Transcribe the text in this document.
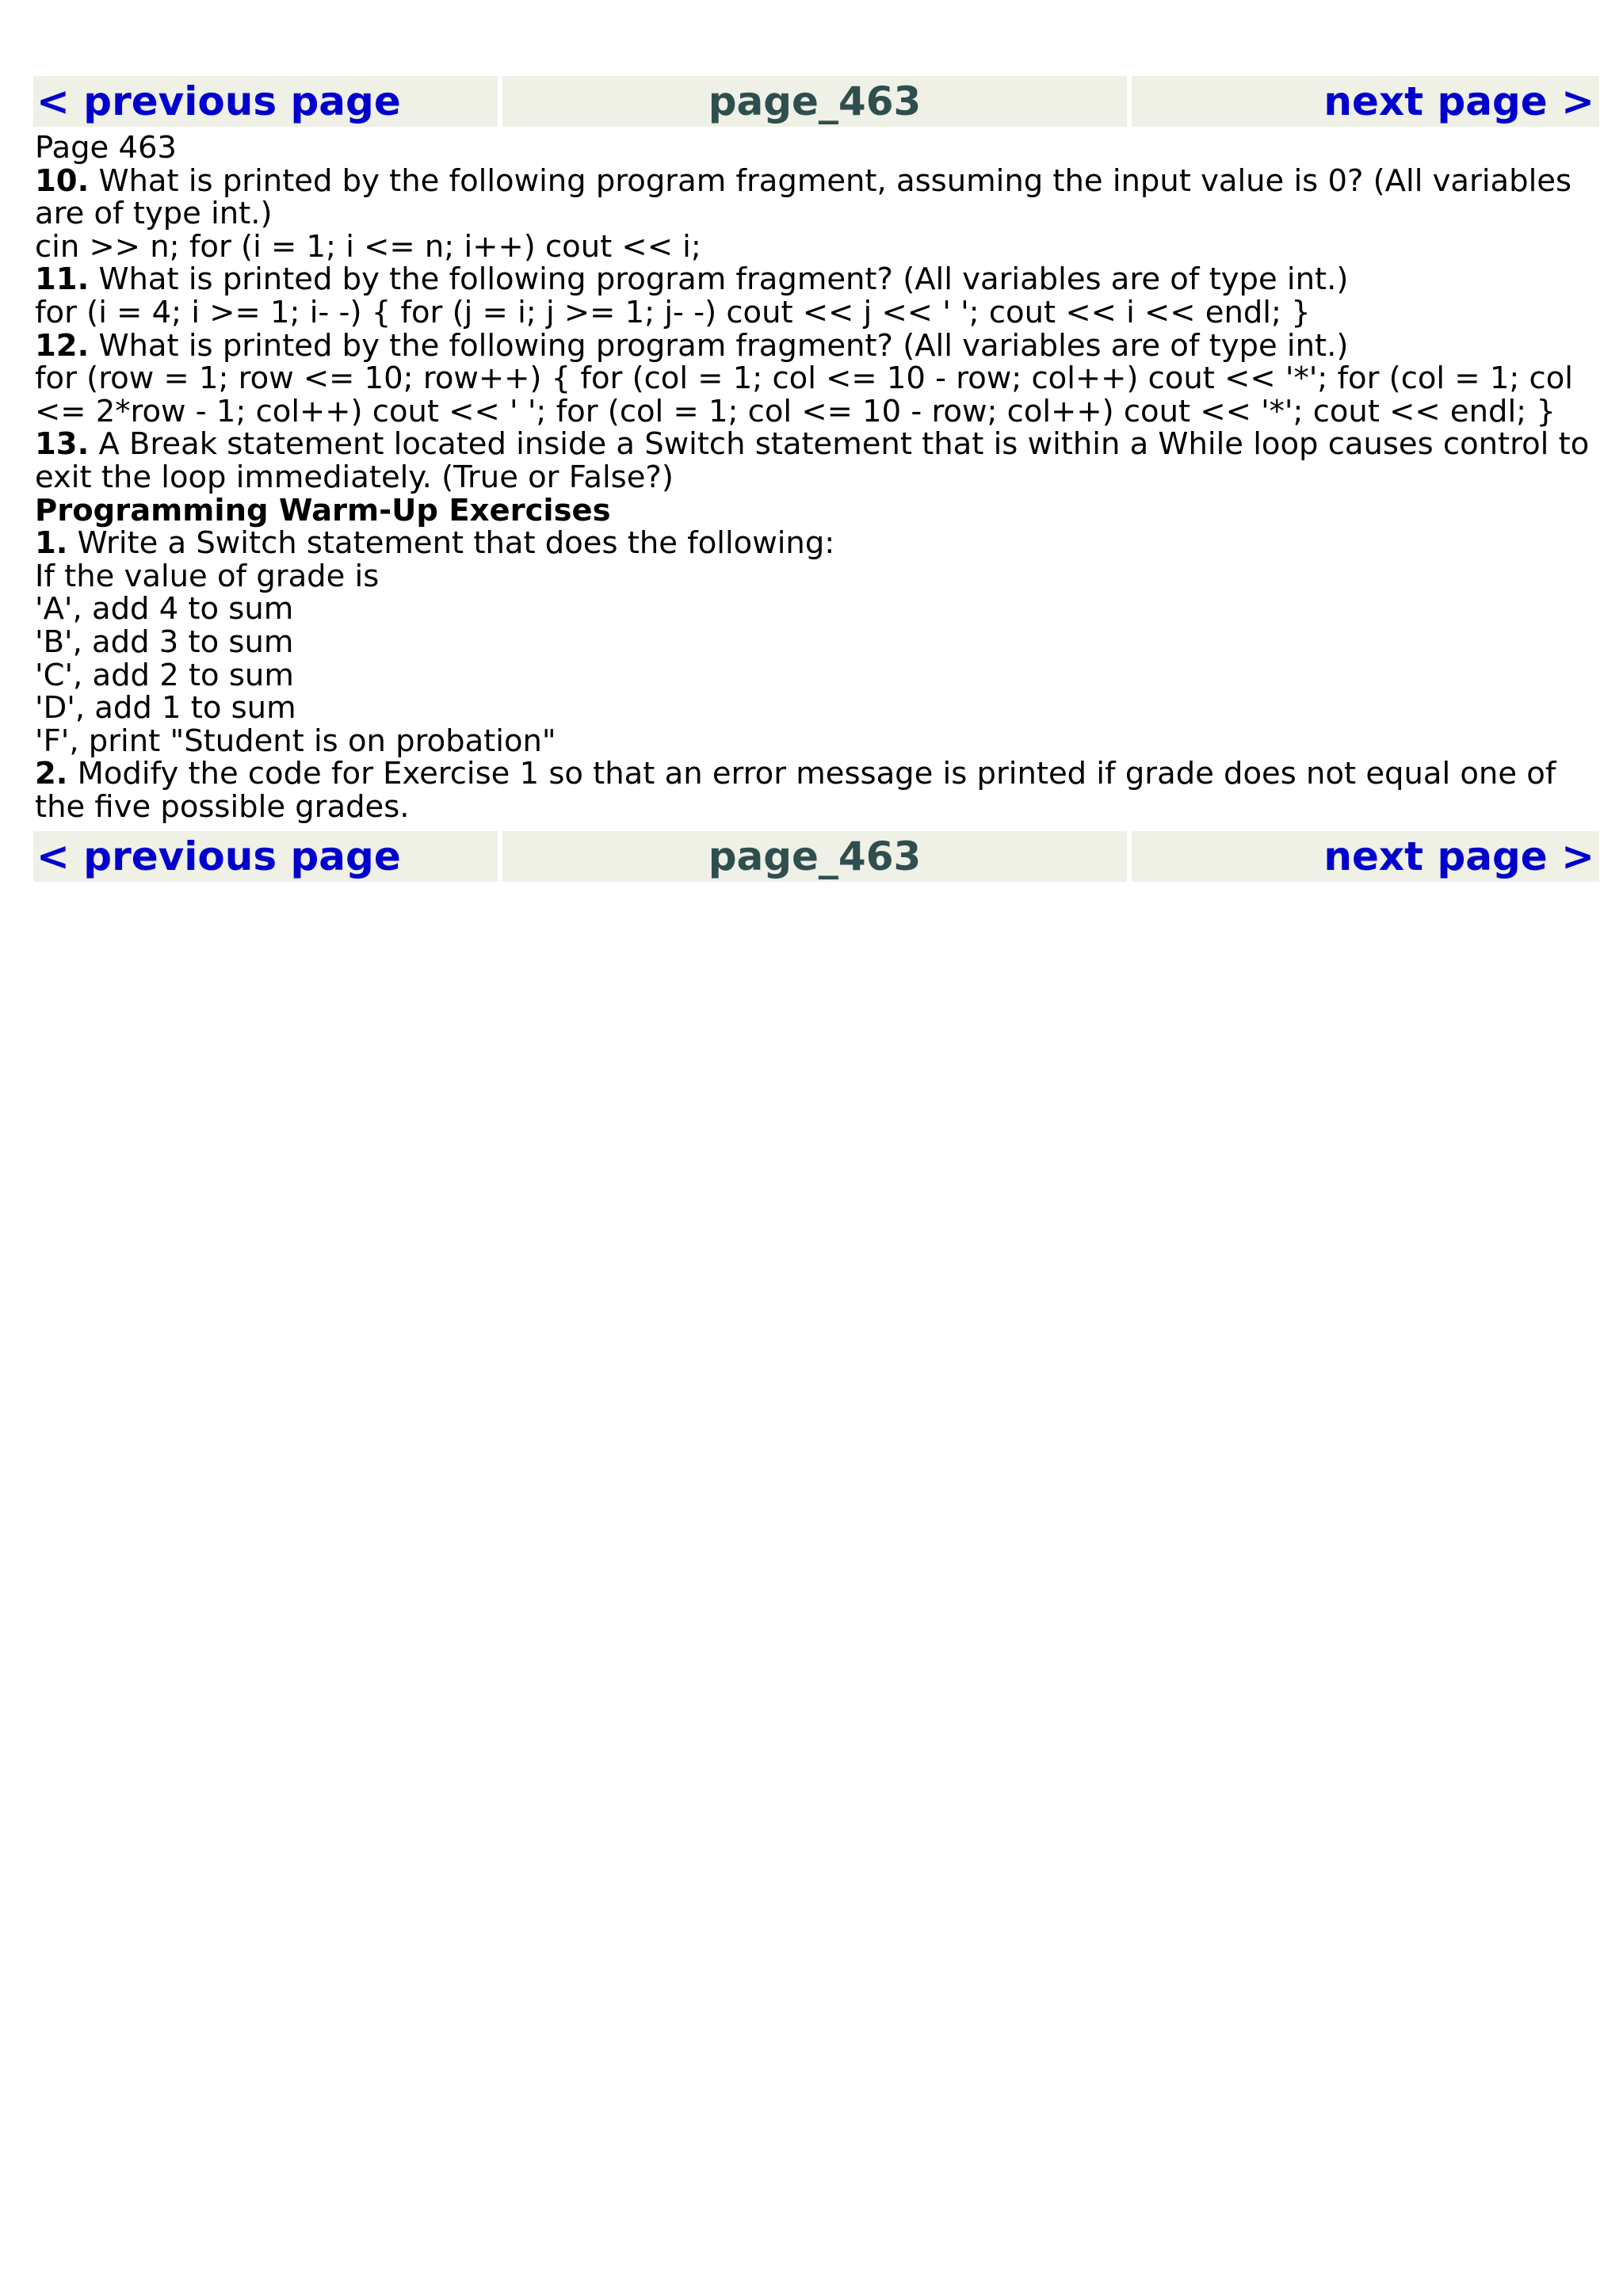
< previous page	page_463	next page >

Page 463

10. What is printed by the following program fragment, assuming the input value is 0? (All variables are of type int.)

cin >> n; for (i = 1; i <= n; i++) cout << i;

11. What is printed by the following program fragment? (All variables are of type int.)

for (i = 4; i >= 1; i- -) { for (j = i; j >= 1; j- -) cout << j << ' '; cout << i << endl; }

12. What is printed by the following program fragment? (All variables are of type int.)

for (row = 1; row <= 10; row++) { for (col = 1; col <= 10 - row; col++) cout << '*'; for (col = 1; col <= 2*row - 1; col++) cout << ' '; for (col = 1; col <= 10 - row; col++) cout << '*'; cout << endl; }

13. A Break statement located inside a Switch statement that is within a While loop causes control to exit the loop immediately. (True or False?)

Programming Warm-Up Exercises

1. Write a Switch statement that does the following:

If the value of grade is

'A', add 4 to sum

'B', add 3 to sum

'C', add 2 to sum

'D', add 1 to sum

'F', print "Student is on probation"

2. Modify the code for Exercise 1 so that an error message is printed if grade does not equal one of the five possible grades.

< previous page	page_463	next page >
